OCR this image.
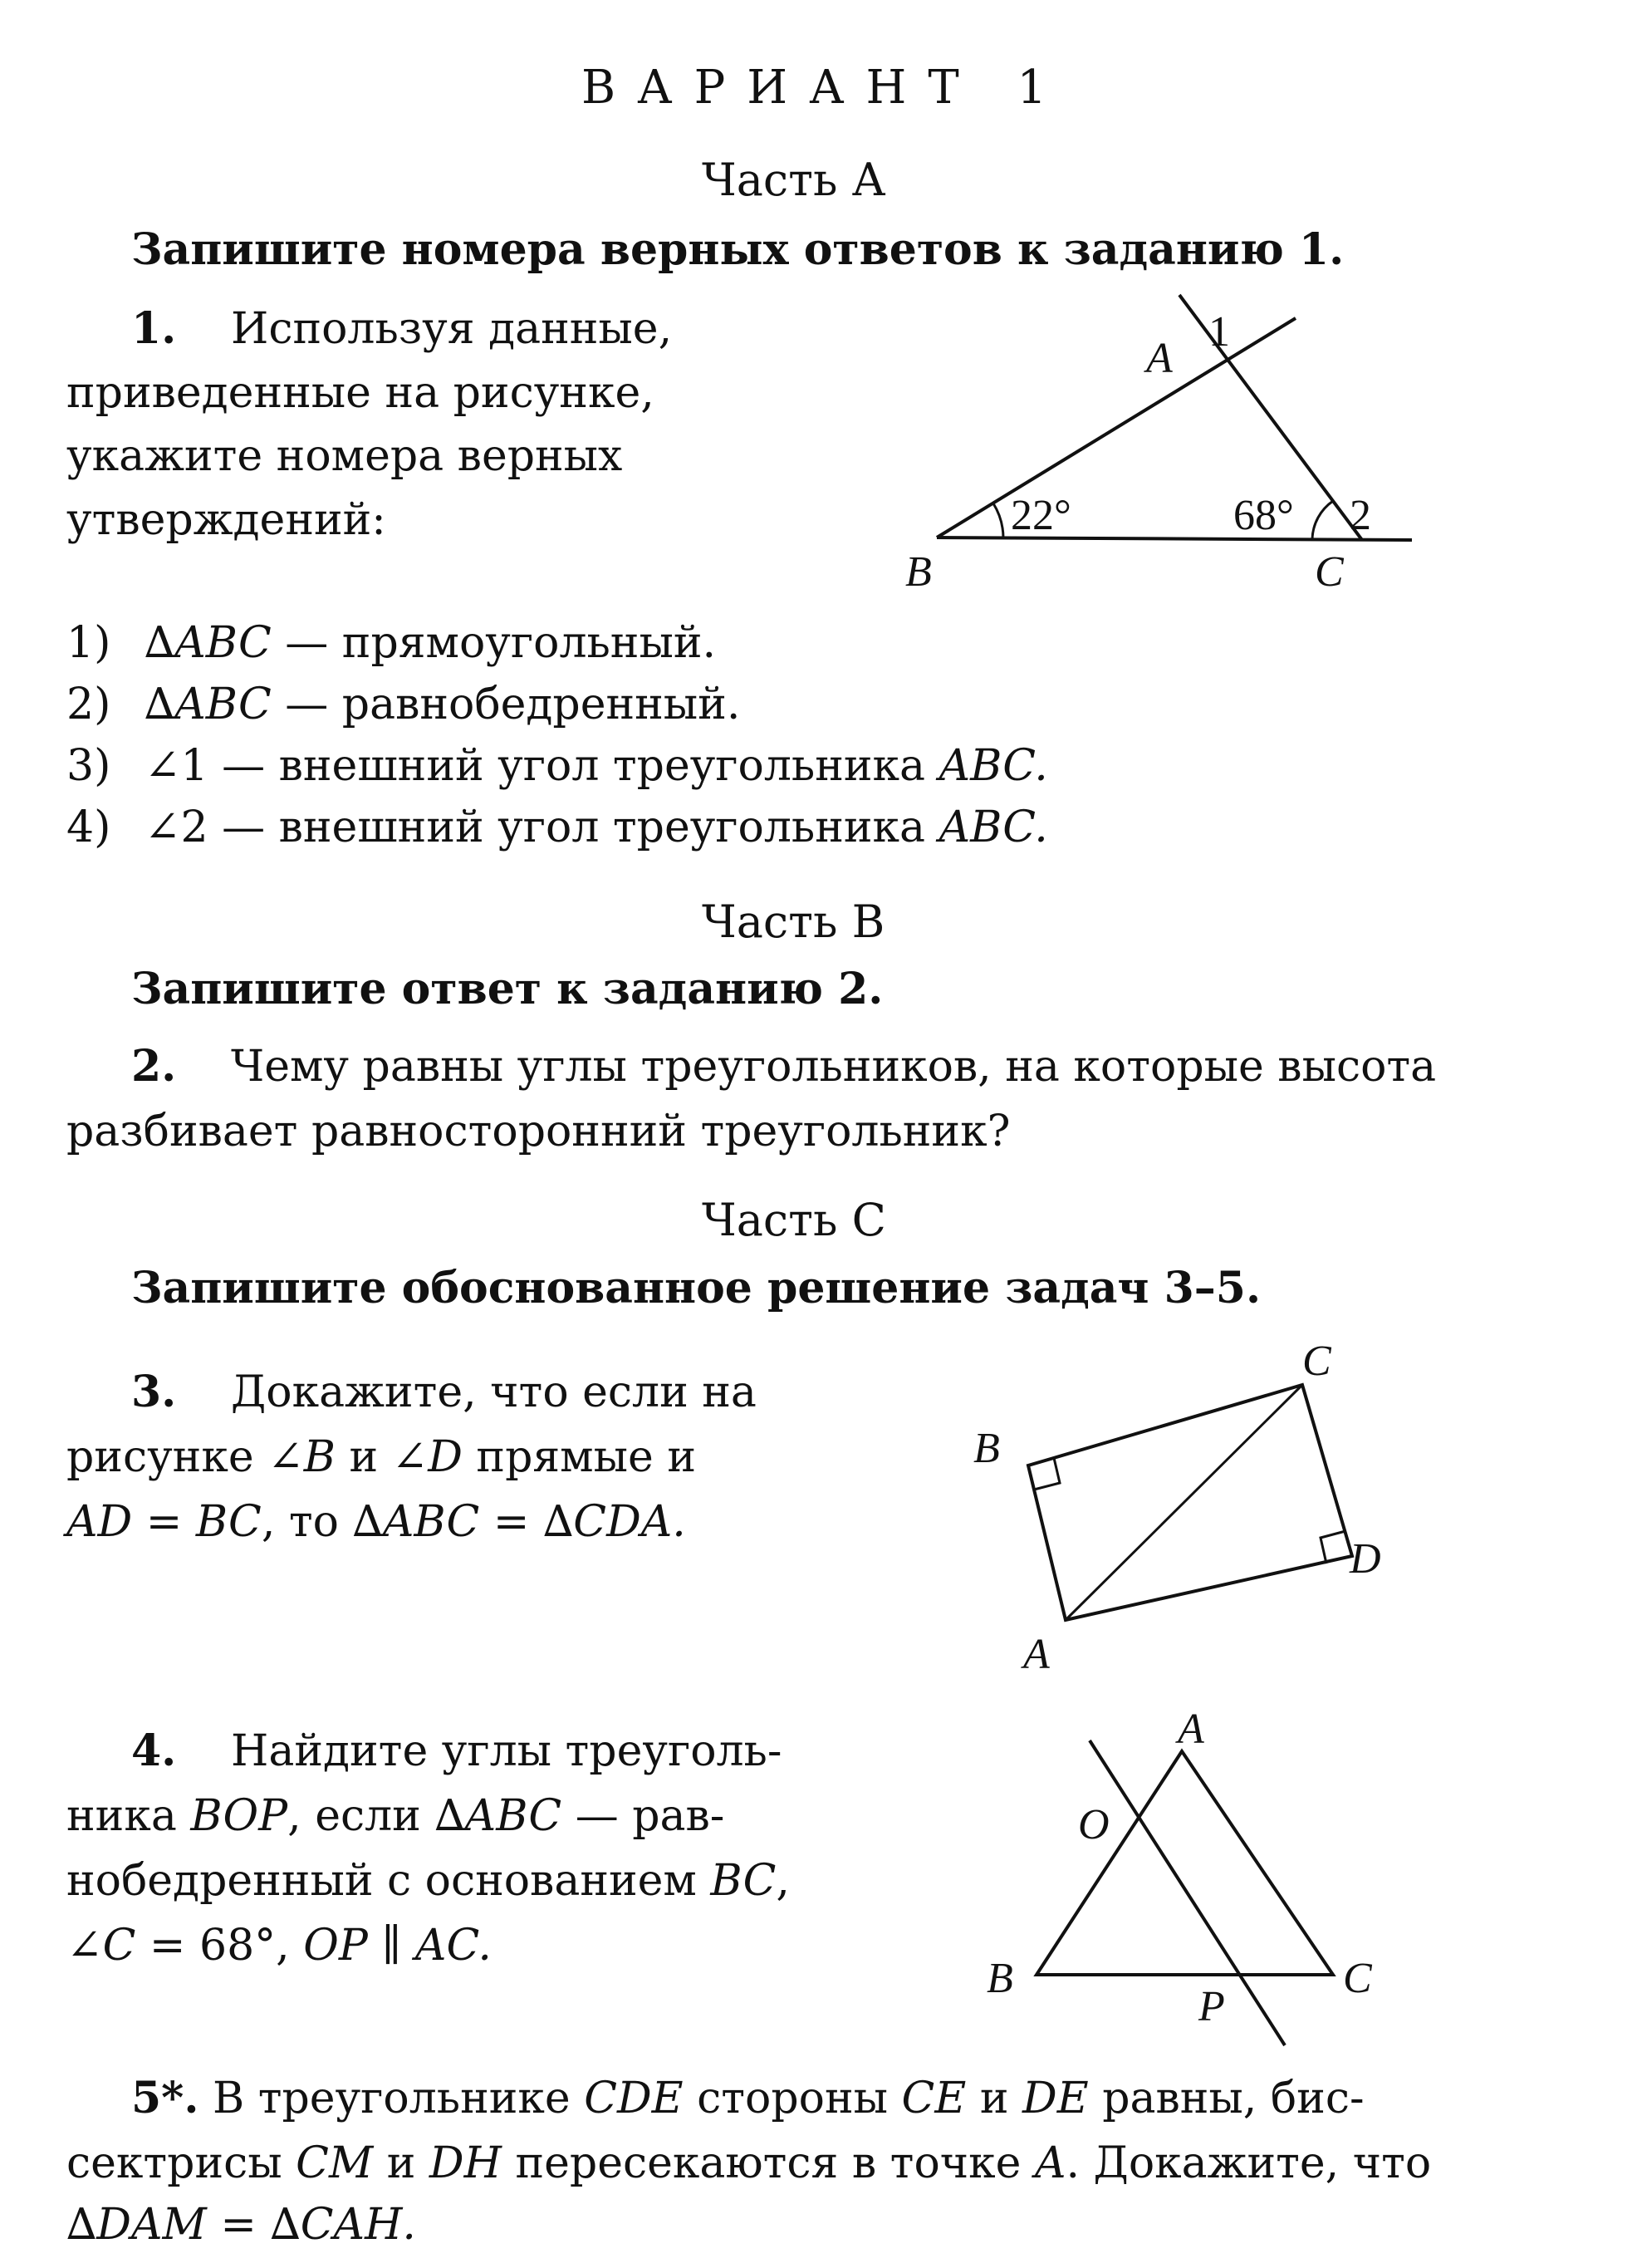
ВАРИАНТ 1
Часть А
Запишите номера верных ответов к заданию 1.
1. Используя данные,
приведенные на рисунке,
укажите номера верных
утверждений:
A
1
B	C
22°	68° 2
1) ∆ABC — прямоугольный.
2) ∆ABC — равнобедренный.
3) ∠1 — внешний угол треугольника ABC.
4) ∠2 — внешний угол треугольника ABC.
Часть В
Запишите ответ к заданию 2.
2. Чему равны углы треугольников, на которые высота
разбивает равносторонний треугольник?
Часть С
Запишите обоснованное решение задач 3–5.
3. Докажите, что если на
рисунке ∠B и ∠D прямые и
AD = BC, то ∆ABC = ∆CDA.
A
B
C
D
4. Найдите углы треуголь-
ника BOP, если ∆ABC — рав-
нобедренный с основанием BC,
∠C = 68°, OP ∥ AC.
A
B	C
O
P
5*. В треугольнике CDE стороны CE и DE равны, бис-
сектрисы CM и DH пересекаются в точке A. Докажите, что
∆DAM = ∆CAH.
